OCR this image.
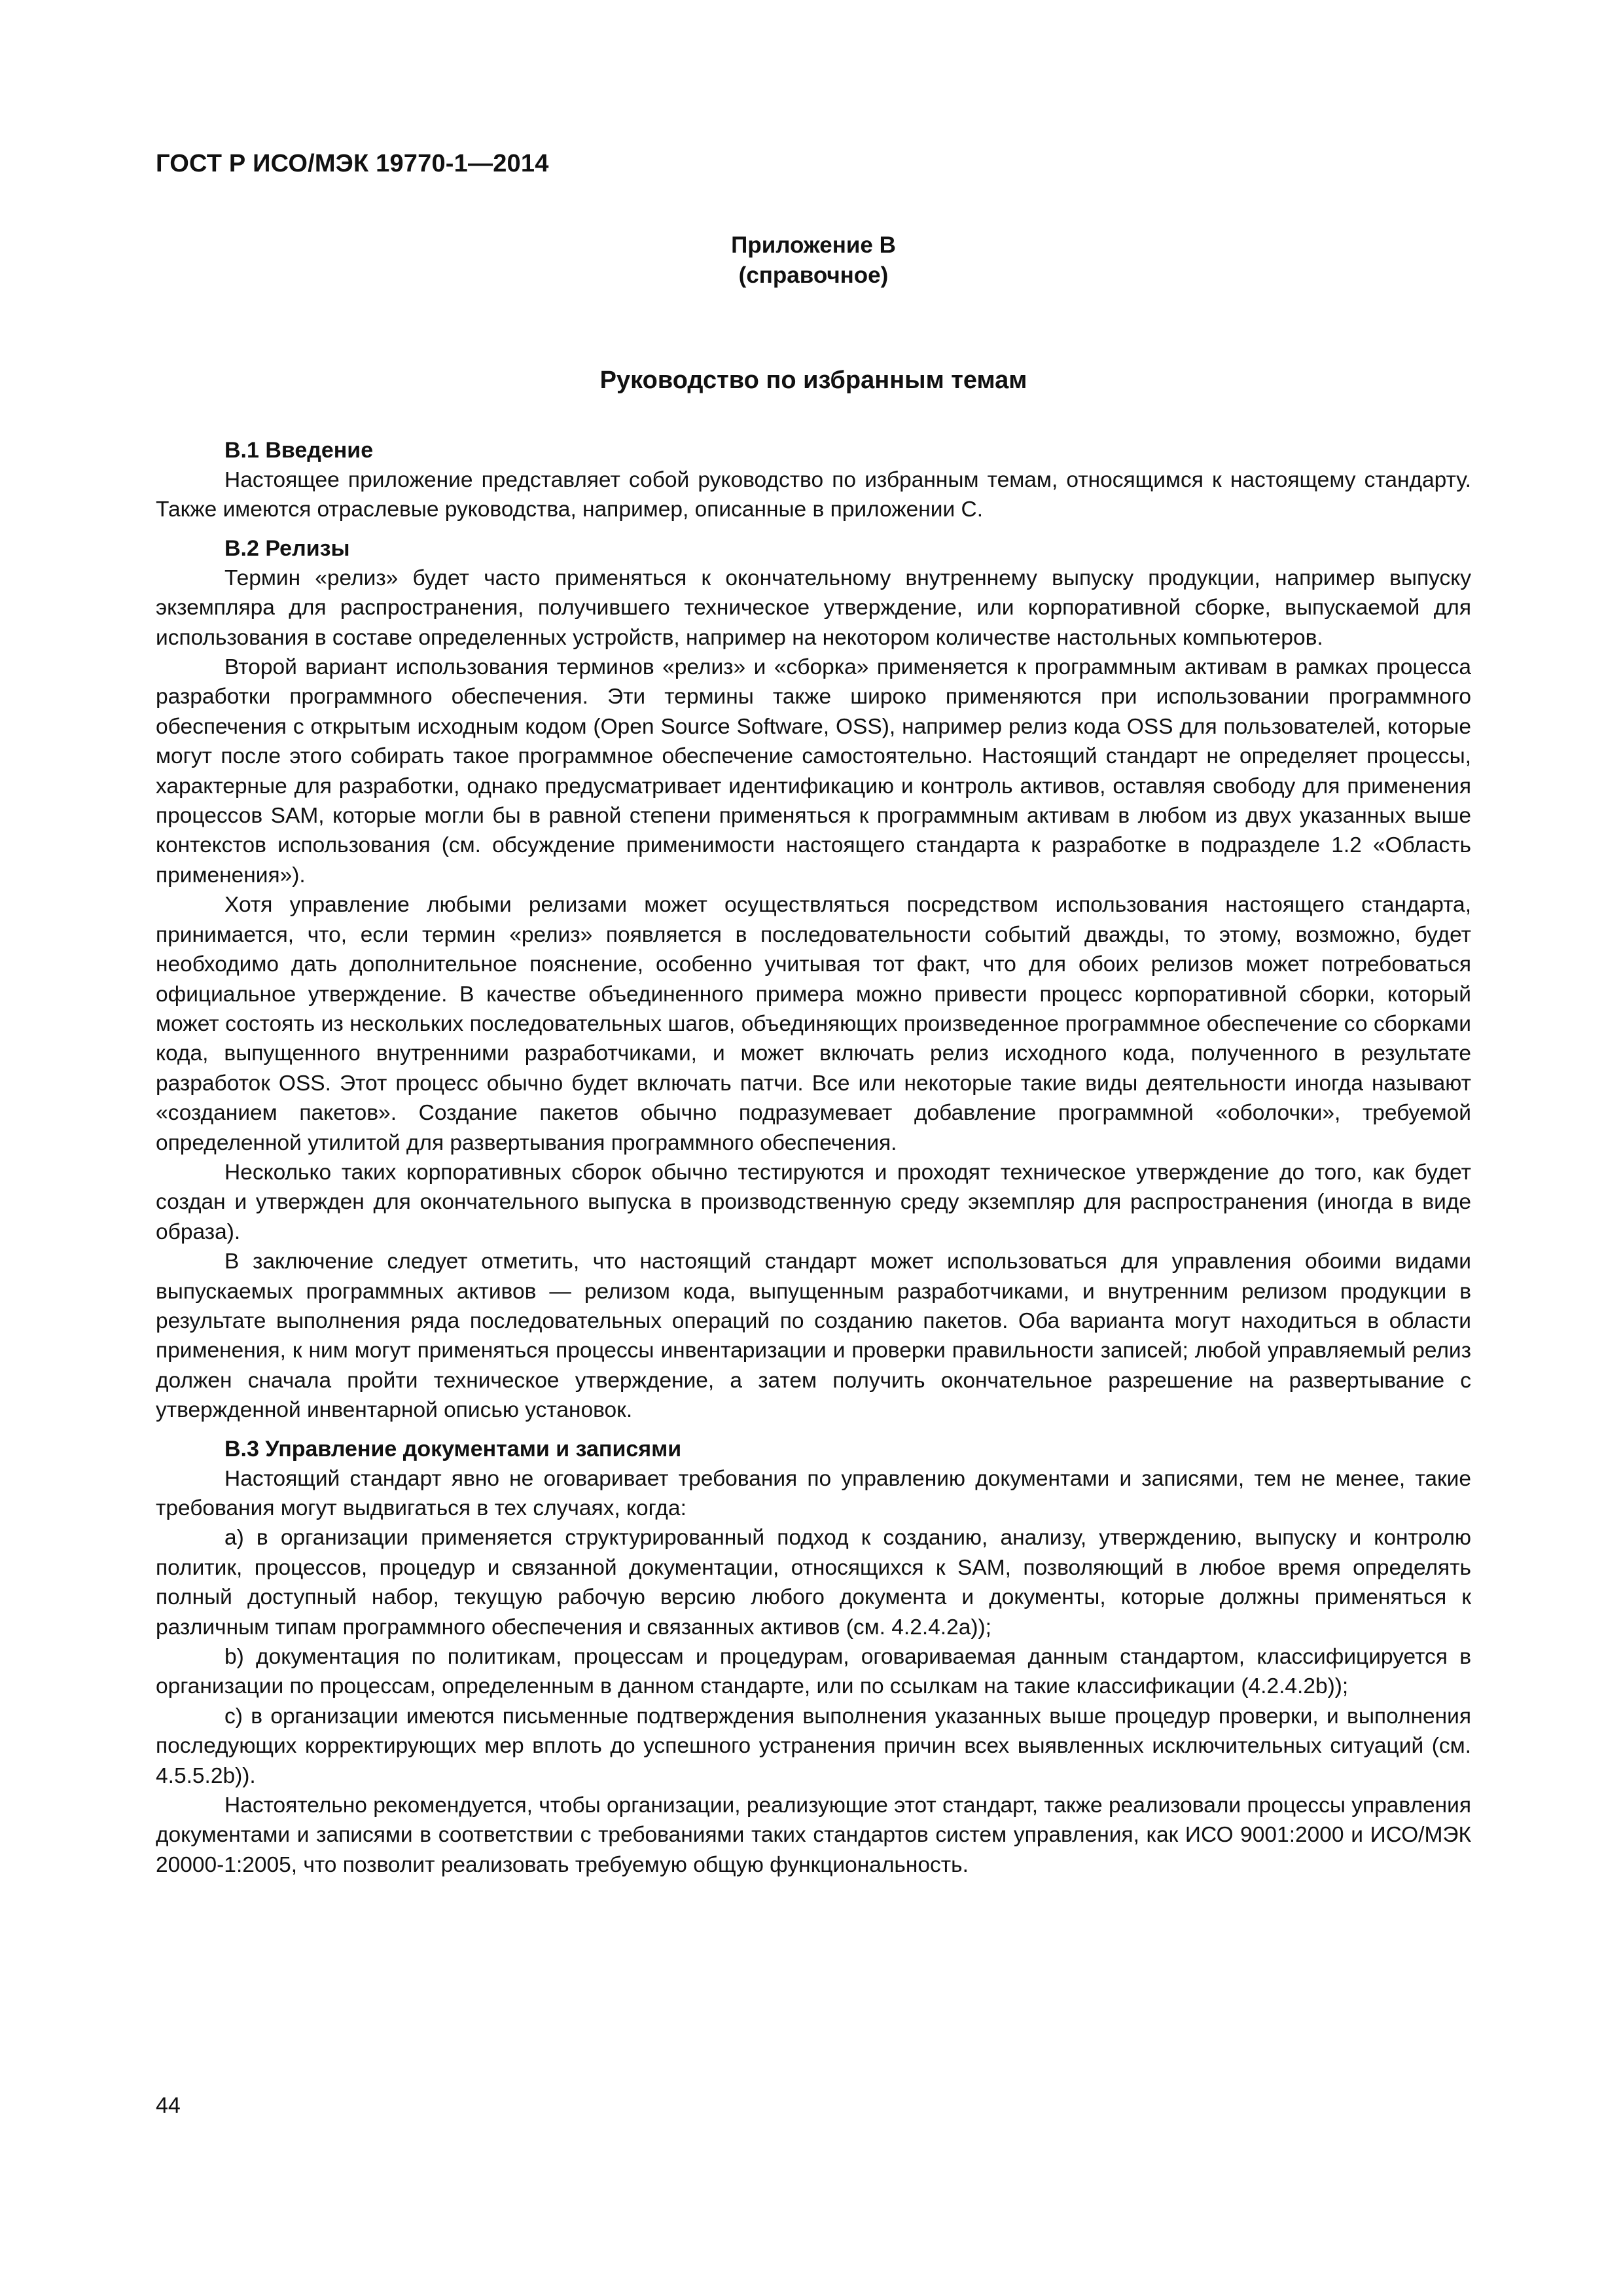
ГОСТ Р ИСО/МЭК 19770-1—2014
Приложение В
(справочное)
Руководство по избранным темам
В.1 Введение

Настоящее приложение представляет собой руководство по избранным темам, относящимся к настоящему стандарту. Также имеются отраслевые руководства, например, описанные в приложении С.

В.2 Релизы

Термин «релиз» будет часто применяться к окончательному внутреннему выпуску продукции, например выпуску экземпляра для распространения, получившего техническое утверждение, или корпоративной сборке, выпускаемой для использования в составе определенных устройств, например на некотором количестве настольных компьютеров.

Второй вариант использования терминов «релиз» и «сборка» применяется к программным активам в рамках процесса разработки программного обеспечения. Эти термины также широко применяются при использовании программного обеспечения с открытым исходным кодом (Open Source Software, OSS), например релиз кода OSS для пользователей, которые могут после этого собирать такое программное обеспечение самостоятельно. Настоящий стандарт не определяет процессы, характерные для разработки, однако предусматривает идентификацию и контроль активов, оставляя свободу для применения процессов SAM, которые могли бы в равной степени применяться к программным активам в любом из двух указанных выше контекстов использования (см. обсуждение применимости настоящего стандарта к разработке в подразделе 1.2 «Область применения»).

Хотя управление любыми релизами может осуществляться посредством использования настоящего стандарта, принимается, что, если термин «релиз» появляется в последовательности событий дважды, то этому, возможно, будет необходимо дать дополнительное пояснение, особенно учитывая тот факт, что для обоих релизов может потребоваться официальное утверждение. В качестве объединенного примера можно привести процесс корпоративной сборки, который может состоять из нескольких последовательных шагов, объединяющих произведенное программное обеспечение со сборками кода, выпущенного внутренними разработчиками, и может включать релиз исходного кода, полученного в результате разработок OSS. Этот процесс обычно будет включать патчи. Все или некоторые такие виды деятельности иногда называют «созданием пакетов». Создание пакетов обычно подразумевает добавление программной «оболочки», требуемой определенной утилитой для развертывания программного обеспечения.

Несколько таких корпоративных сборок обычно тестируются и проходят техническое утверждение до того, как будет создан и утвержден для окончательного выпуска в производственную среду экземпляр для распространения (иногда в виде образа).

В заключение следует отметить, что настоящий стандарт может использоваться для управления обоими видами выпускаемых программных активов — релизом кода, выпущенным разработчиками, и внутренним релизом продукции в результате выполнения ряда последовательных операций по созданию пакетов. Оба варианта могут находиться в области применения, к ним могут применяться процессы инвентаризации и проверки правильности записей; любой управляемый релиз должен сначала пройти техническое утверждение, а затем получить окончательное разрешение на развертывание с утвержденной инвентарной описью установок.

В.3 Управление документами и записями

Настоящий стандарт явно не оговаривает требования по управлению документами и записями, тем не менее, такие требования могут выдвигаться в тех случаях, когда:

a) в организации применяется структурированный подход к созданию, анализу, утверждению, выпуску и контролю политик, процессов, процедур и связанной документации, относящихся к SAM, позволяющий в любое время определять полный доступный набор, текущую рабочую версию любого документа и документы, которые должны применяться к различным типам программного обеспечения и связанных активов (см. 4.2.4.2a));

b) документация по политикам, процессам и процедурам, оговариваемая данным стандартом, классифицируется в организации по процессам, определенным в данном стандарте, или по ссылкам на такие классификации (4.2.4.2b));

c) в организации имеются письменные подтверждения выполнения указанных выше процедур проверки, и выполнения последующих корректирующих мер вплоть до успешного устранения причин всех выявленных исключительных ситуаций (см. 4.5.5.2b)).

Настоятельно рекомендуется, чтобы организации, реализующие этот стандарт, также реализовали процессы управления документами и записями в соответствии с требованиями таких стандартов систем управления, как ИСО 9001:2000 и ИСО/МЭК 20000-1:2005, что позволит реализовать требуемую общую функциональность.

44
